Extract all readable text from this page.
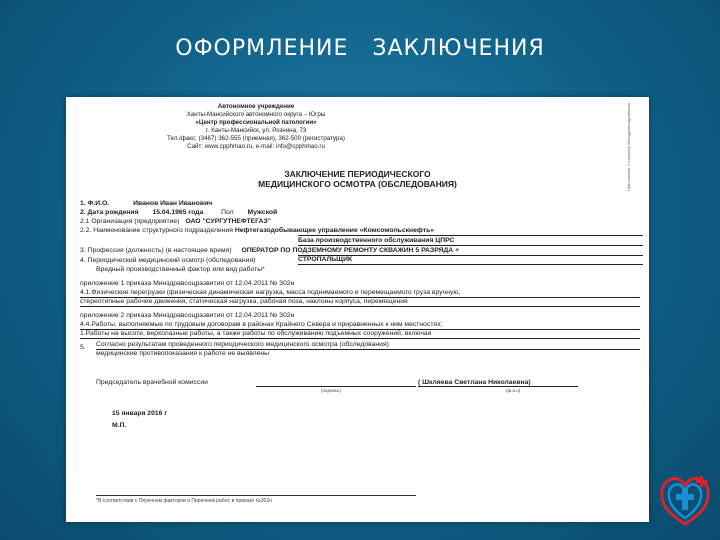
ОФОРМЛЕНИЕ   ЗАКЛЮЧЕНИЯ
Приложение 3 к приказу Минздравсоцразвития
Автономное учреждение
Ханты-Мансийского автономного округа – Югры
«Центр профессиональной патологии»
г. Ханты-Мансийск, ул. Рознина, 73
Тел./факс: (3467) 362-555 (приемная), 362-500 (регистратура)
Сайт: www.cpphmao.ru, e-mail: info@cpphmao.ru
ЗАКЛЮЧЕНИЕ ПЕРИОДИЧЕСКОГО
МЕДИЦИНСКОГО ОСМОТРА (ОБСЛЕДОВАНИЯ)
1. Ф.И.О.	Иванов Иван Иванович
2. Дата рождения 15.04.1965 года	Пол Мужской
2.1 Организация (предприятие) ОАО "СУРГУТНЕФТЕГАЗ"
2.2. Наименование структурного подразделения Нефтегазодобывающее управление «Комсомольскнефть»
База производственного обслуживания ЦПРС
3. Профессия (должность) (в настоящее время) ОПЕРАТОР ПО ПОДЗЕМНОМУ РЕМОНТУ СКВАЖИН 5 РАЗРЯДА +
СТРОПАЛЬЩИК
4. Периодический медицинский осмотр (обследования)
Вредный производственный фактор или вид работы*
приложение 1 приказа Минздравсоцразвития от 12.04.2011 № 302н
4.1.Физические перегрузки (физическая динамическая нагрузка, масса поднимаемого и перемещаемого груза вручную,
стереотипные рабочие движения, статическая нагрузка, рабочая поза, наклоны корпуса, перемещения
приложение 2 приказа Минздравсоцразвития от 12.04.2011 № 302н
4.4.Работы, выполняемые по трудовым договорам в районах Крайнего Севера и приравненных к ним местностях;
1.Работы на высоте, верхолазные работы, а также работы по обслуживанию подъемных сооружений, включая
5. Согласно результатам проведенного периодического медицинского осмотра (обследования)
медицинские противопоказания к работе не выявлены
Председатель врачебной комиссии	( Шкляева Светлана Николаевна)
(подпись)	(ф.и.о)
15 января 2016 г
М.П.
*В соответствии с Перечнем факторов и Перечнем работ, в приказе №302н
